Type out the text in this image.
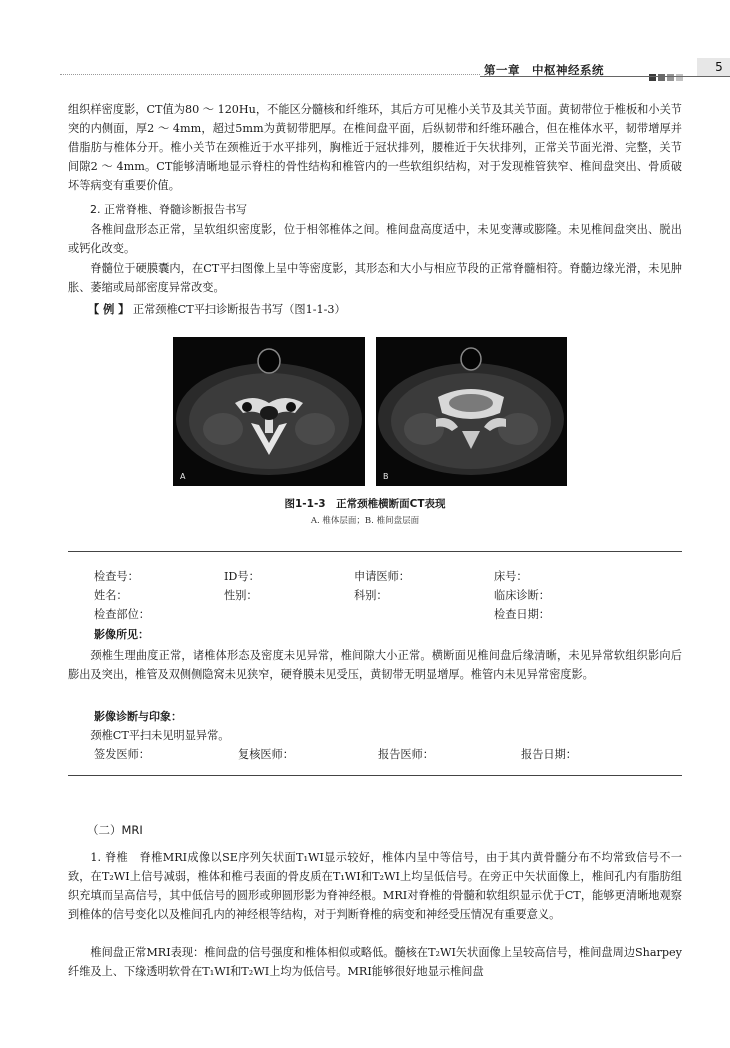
第一章　中枢神经系统	5
组织样密度影，CT值为80 ～ 120Hu，不能区分髓核和纤维环，其后方可见椎小关节及其关节面。黄韧带位于椎板和小关节突的内侧面，厚2 ～ 4mm，超过5mm为黄韧带肥厚。在椎间盘平面，后纵韧带和纤维环融合，但在椎体水平，韧带增厚并借脂肪与椎体分开。椎小关节在颈椎近于水平排列，胸椎近于冠状排列，腰椎近于矢状排列，正常关节面光滑、完整，关节间隙2 ～ 4mm。CT能够清晰地显示脊柱的骨性结构和椎管内的一些软组织结构，对于发现椎管狭窄、椎间盘突出、骨质破坏等病变有重要价值。
2. 正常脊椎、脊髓诊断报告书写
各椎间盘形态正常，呈软组织密度影，位于相邻椎体之间。椎间盘高度适中，未见变薄或膨隆。未见椎间盘突出、脱出或钙化改变。
脊髓位于硬膜囊内，在CT平扫图像上呈中等密度影，其形态和大小与相应节段的正常脊髓相符。脊髓边缘光滑，未见肿胀、萎缩或局部密度异常改变。
【 例 】 正常颈椎CT平扫诊断报告书写（图1-1-3）
A	B
图1-1-3　正常颈椎横断面CT表现
A. 椎体层面；B. 椎间盘层面
检查号：	ID号：	申请医师：	床号：
姓名：	性别：	科别：	临床诊断：
检查部位：	检查日期：
影像所见：
颈椎生理曲度正常，诸椎体形态及密度未见异常，椎间隙大小正常。横断面见椎间盘后缘清晰，未见异常软组织影向后膨出及突出，椎管及双侧侧隐窝未见狭窄，硬脊膜未见受压，黄韧带无明显增厚。椎管内未见异常密度影。
影像诊断与印象：
颈椎CT平扫未见明显异常。
签发医师：	复核医师：	报告医师：	报告日期：
（二）MRI
1. 脊椎　脊椎MRI成像以SE序列矢状面T₁WI显示较好，椎体内呈中等信号，由于其内黄骨髓分布不均常致信号不一致，在T₂WI上信号减弱，椎体和椎弓表面的骨皮质在T₁WI和T₂WI上均呈低信号。在旁正中矢状面像上，椎间孔内有脂肪组织充填而呈高信号，其中低信号的圆形或卵圆形影为脊神经根。MRI对脊椎的骨髓和软组织显示优于CT，能够更清晰地观察到椎体的信号变化以及椎间孔内的神经根等结构，对于判断脊椎的病变和神经受压情况有重要意义。
椎间盘正常MRI表现：椎间盘的信号强度和椎体相似或略低。髓核在T₂WI矢状面像上呈较高信号，椎间盘周边Sharpey纤维及上、下缘透明软骨在T₁WI和T₂WI上均为低信号。MRI能够很好地显示椎间盘
